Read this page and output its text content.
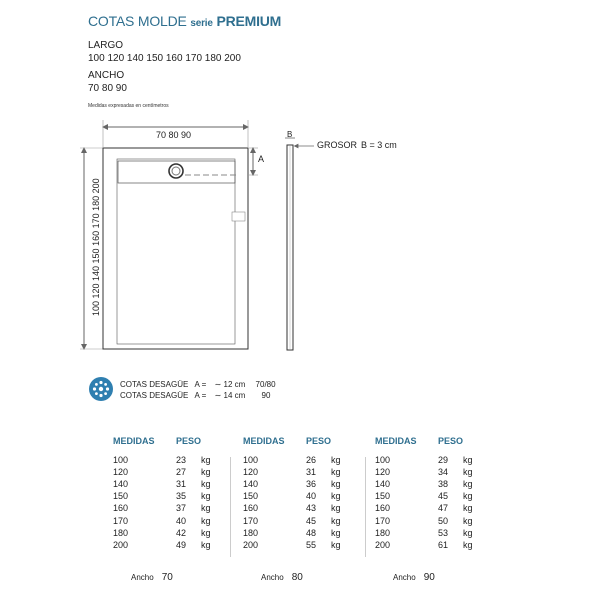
COTAS MOLDE serie PREMIUM
LARGO
100 120 140 150 160 170 180 200
ANCHO
70 80 90
Medidas expresadas en centímetros
70 80 90
100 120 140 150 160 170 180 200
A
B
GROSOR B = 3 cm
COTAS DESAGÜE A = ∼ 12 cm 70/80
COTAS DESAGÜE A = ∼ 14 cm 90
MEDIDAS PESO
100	23 kg
120	27 kg
140	31 kg
150	35 kg
160	37 kg
170	40 kg
180	42 kg
200	49 kg
Ancho 70
MEDIDAS PESO
100	26 kg
120	31 kg
140	36 kg
150	40 kg
160	43 kg
170	45 kg
180	48 kg
200	55 kg
Ancho 80
MEDIDAS PESO
100	29 kg
120	34 kg
140	38 kg
150	45 kg
160	47 kg
170	50 kg
180	53 kg
200	61 kg
Ancho 90
